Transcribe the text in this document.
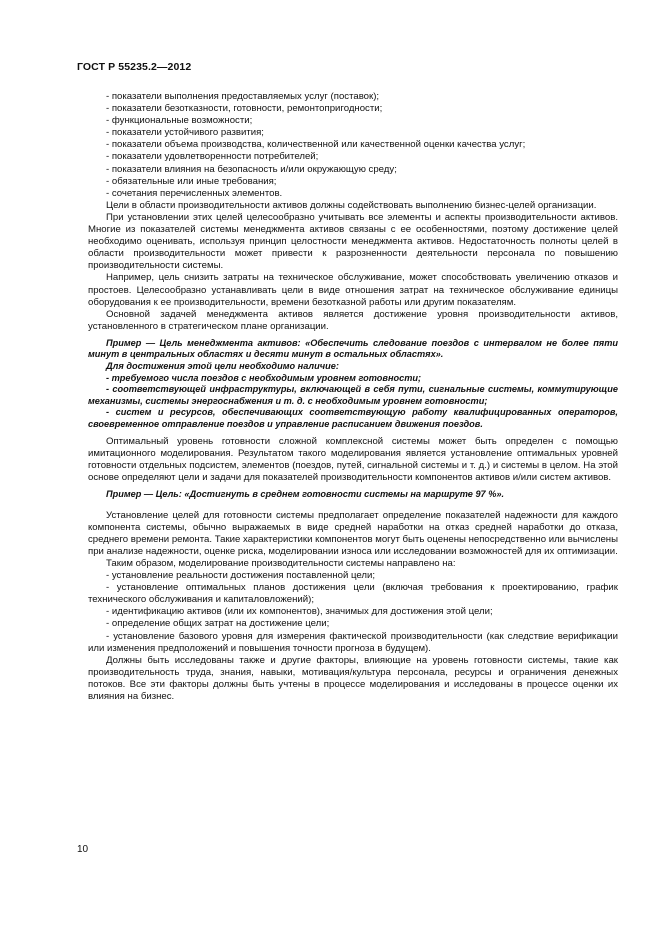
ГОСТ Р 55235.2—2012

- показатели выполнения предоставляемых услуг (поставок);

- показатели безотказности, готовности, ремонтопригодности;

- функциональные возможности;

- показатели устойчивого развития;

- показатели объема производства, количественной или качественной оценки качества услуг;

- показатели удовлетворенности потребителей;

- показатели влияния на безопасность и/или окружающую среду;

- обязательные или иные требования;

- сочетания перечисленных элементов.

Цели в области производительности активов должны содействовать выполнению бизнес-целей организации.

При установлении этих целей целесообразно учитывать все элементы и аспекты производительности активов. Многие из показателей системы менеджмента активов связаны с ее особенностями, поэтому достижение целей необходимо оценивать, используя принцип целостности менеджмента активов. Недостаточность полноты целей в области производительности может привести к разрозненности деятельности персонала по повышению производительности системы.

Например, цель снизить затраты на техническое обслуживание, может способствовать увеличению отказов и простоев. Целесообразно устанавливать цели в виде отношения затрат на техническое обслуживание единицы оборудования к ее производительности, времени безотказной работы или другим показателям.

Основной задачей менеджмента активов является достижение уровня производительности активов, установленного в стратегическом плане организации.

Пример — Цель менеджмента активов: «Обеспечить следование поездов с интервалом не более пяти минут в центральных областях и десяти минут в остальных областях».

Для достижения этой цели необходимо наличие:

- требуемого числа поездов с необходимым уровнем готовности;

- соответствующей инфраструктуры, включающей в себя пути, сигнальные системы, коммутирующие механизмы, системы энергоснабжения и т. д. с необходимым уровнем готовности;

- систем и ресурсов, обеспечивающих соответствующую работу квалифицированных операторов, своевременное отправление поездов и управление расписанием движения поездов.

Оптимальный уровень готовности сложной комплексной системы может быть определен с помощью имитационного моделирования. Результатом такого моделирования является установление оптимальных уровней готовности отдельных подсистем, элементов (поездов, путей, сигнальной системы и т. д.) и системы в целом. На этой основе определяют цели и задачи для показателей производительности компонентов активов и/или систем активов.

Пример — Цель: «Достигнуть в среднем готовности системы на маршруте 97 %».

Установление целей для готовности системы предполагает определение показателей надежности для каждого компонента системы, обычно выражаемых в виде средней наработки на отказ средней наработки до отказа, среднего времени ремонта. Такие характеристики компонентов могут быть оценены непосредственно или вычислены при анализе надежности, оценке риска, моделировании износа или исследовании возможностей для их оптимизации.

Таким образом, моделирование производительности системы направлено на:

- установление реальности достижения поставленной цели;

- установление оптимальных планов достижения цели (включая требования к проектированию, график технического обслуживания и капиталовложений);

- идентификацию активов (или их компонентов), значимых для достижения этой цели;

- определение общих затрат на достижение цели;

- установление базового уровня для измерения фактической производительности (как следствие верификации или изменения предположений и повышения точности прогноза в будущем).

Должны быть исследованы также и другие факторы, влияющие на уровень готовности системы, такие как производительность труда, знания, навыки, мотивация/культура персонала, ресурсы и ограничения денежных потоков. Все эти факторы должны быть учтены в процессе моделирования и исследованы в процессе оценки их влияния на бизнес.

10
